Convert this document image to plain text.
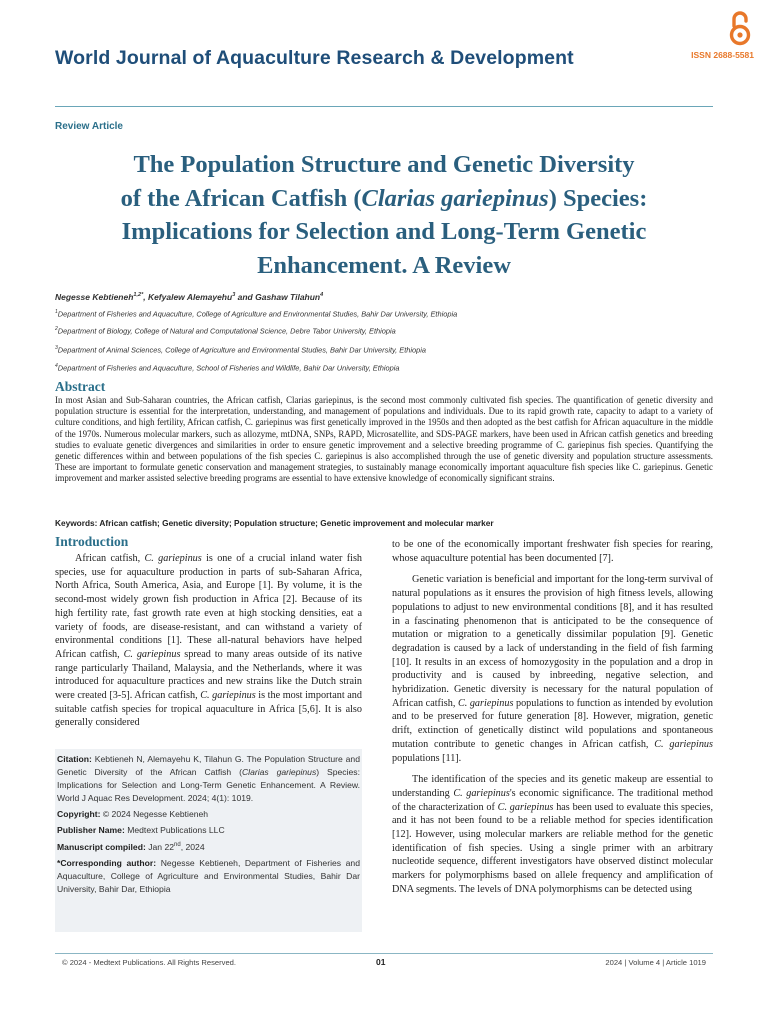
World Journal of Aquaculture Research & Development	ISSN 2688-5581
Review Article
The Population Structure and Genetic Diversity
of the African Catfish (Clarias gariepinus) Species:
Implications for Selection and Long-Term Genetic
Enhancement. A Review
Negesse Kebtieneh$^{1,2*}$, Kefyalew Alemayehu$^3$ and Gashaw Tilahun$^4$
$^1$Department of Fisheries and Aquaculture, College of Agriculture and Environmental Studies, Bahir Dar University, Ethiopia
$^2$Department of Biology, College of Natural and Computational Science, Debre Tabor University, Ethiopia
$^3$Department of Animal Sciences, College of Agriculture and Environmental Studies, Bahir Dar University, Ethiopia
$^4$Department of Fisheries and Aquaculture, School of Fisheries and Wildlife, Bahir Dar University, Ethiopia
Abstract
In most Asian and Sub-Saharan countries, the African catfish, Clarias gariepinus, is the second most commonly cultivated fish species. The quantification of genetic diversity and population structure is essential for the interpretation, understanding, and management of populations and individuals. Due to its rapid growth rate, capacity to adapt to a variety of culture conditions, and high fertility, African catfish, C. gariepinus was first genetically improved in the 1950s and then adopted as the best catfish for African aquaculture in the middle of the 1970s. Numerous molecular markers, such as allozyme, mtDNA, SNPs, RAPD, Microsatellite, and SDS-PAGE markers, have been used in African catfish genetics and breeding studies to evaluate genetic divergences and similarities in order to ensure genetic improvement and a selective breeding programme of C. gariepinus fish species. Quantifying the genetic differences within and between populations of the fish species C. gariepinus is also accomplished through the use of genetic diversity and population structure assessments. These are important to formulate genetic conservation and management strategies, to sustainably manage economically important aquaculture fish species like C. gariepinus. Genetic improvement and marker assisted selective breeding programs are essential to have extensive knowledge of economically significant strains.
Keywords: African catfish; Genetic diversity; Population structure; Genetic improvement and molecular marker
Introduction

African catfish, C. gariepinus is one of a crucial inland water fish species, use for aquaculture production in parts of sub-Saharan Africa, North Africa, South America, Asia, and Europe [1]. By volume, it is the second-most widely grown fish production in Africa [2]. Because of its high fertility rate, fast growth rate even at high stocking densities, eat a variety of foods, are disease-resistant, and can withstand a variety of environmental conditions [1]. These all-natural behaviors have helped African catfish, C. gariepinus spread to many areas outside of its native range particularly Thailand, Malaysia, and the Netherlands, where it was introduced for aquaculture practices and new strains like the Dutch strain were created [3-5]. African catfish, C. gariepinus is the most important and suitable catfish species for tropical aquaculture in Africa [5,6]. It is also generally considered

Citation: Kebtieneh N, Alemayehu K, Tilahun G. The Population Structure and Genetic Diversity of the African Catfish (Clarias gariepinus) Species: Implications for Selection and Long-Term Genetic Enhancement. A Review. World J Aquac Res Development. 2024; 4(1): 1019.

Copyright: © 2024 Negesse Kebtieneh

Publisher Name: Medtext Publications LLC

Manuscript compiled: Jan 22nd, 2024

*Corresponding author: Negesse Kebtieneh, Department of Fisheries and Aquaculture, College of Agriculture and Environmental Studies, Bahir Dar University, Bahir Dar, Ethiopia

to be one of the economically important freshwater fish species for rearing, whose aquaculture potential has been documented [7].

Genetic variation is beneficial and important for the long-term survival of natural populations as it ensures the provision of high fitness levels, allowing populations to adjust to new environmental conditions [8], and it has resulted in a fascinating phenomenon that is anticipated to be the consequence of mutation or migration to a genetically dissimilar population [9]. Genetic degradation is caused by a lack of understanding in the field of fish farming [10]. It results in an excess of homozygosity in the population and a drop in productivity and is caused by inbreeding, negative selection, and hybridization. Genetic diversity is necessary for the natural population of African catfish, C. gariepinus populations to function as intended by evolution and to be preserved for future generation [8]. However, migration, genetic drift, extinction of genetically distinct wild populations and spontaneous mutation contribute to genetic changes in African catfish, C. gariepinus populations [11].

The identification of the species and its genetic makeup are essential to understanding C. gariepinus's economic significance. The traditional method of the characterization of C. gariepinus has been used to evaluate this species, and it has not been found to be a reliable method for species identification [12]. However, using molecular markers are reliable method for the genetic identification of fish species. Using a single primer with an arbitrary nucleotide sequence, different investigators have observed distinct molecular markers for polymorphisms based on allele frequency and amplification of DNA segments. The levels of DNA polymorphisms can be detected using

© 2024 - Medtext Publications. All Rights Reserved.	01	2024 | Volume 4 | Article 1019
